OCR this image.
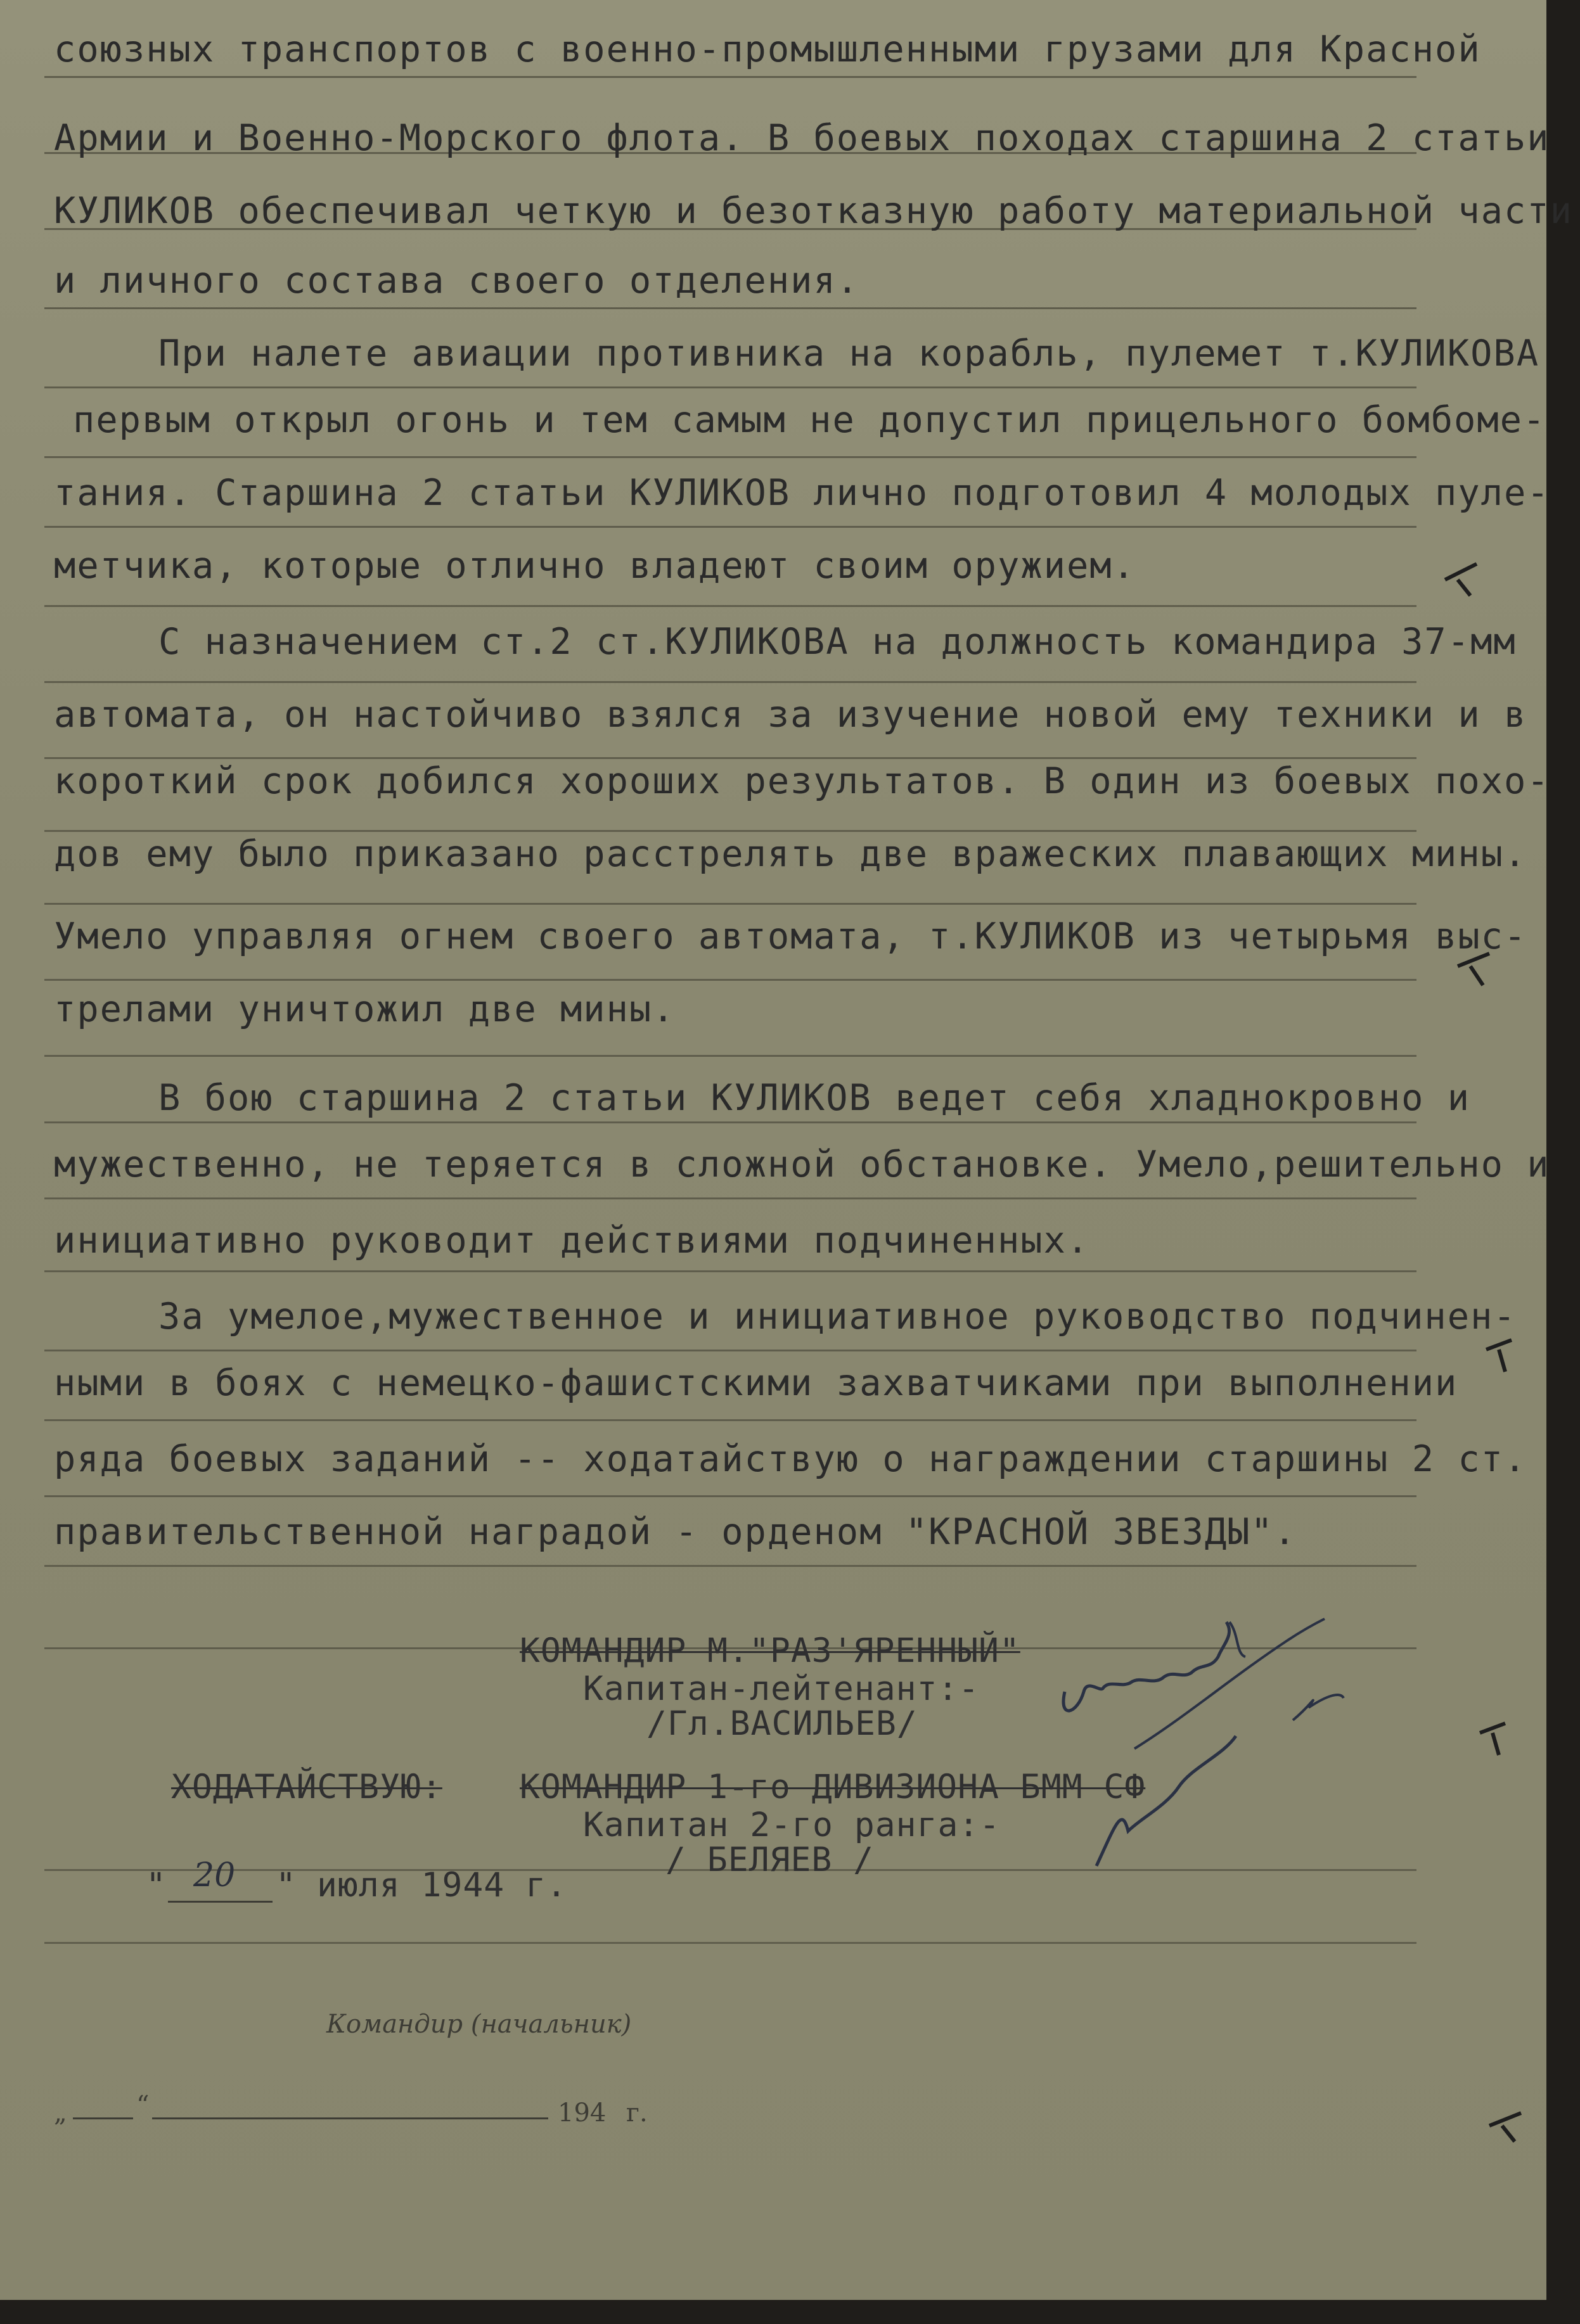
союзных транспортов с военно-промышленными грузами для Красной
Армии и Военно-Морского флота. В боевых походах старшина 2 статьи
КУЛИКОВ обеспечивал четкую и безотказную работу материальной части
и личного состава своего отделения.
При налете авиации противника на корабль, пулемет т.КУЛИКОВА
первым открыл огонь и тем самым не допустил прицельного бомбоме-
тания. Старшина 2 статьи КУЛИКОВ лично подготовил 4 молодых пуле-
метчика, которые отлично владеют своим оружием.
С назначением ст.2 ст.КУЛИКОВА на должность командира 37-мм
автомата, он настойчиво взялся за изучение новой ему техники и в
короткий срок добился хороших результатов. В один из боевых похо-
дов ему было приказано расстрелять две вражеских плавающих мины.
Умело управляя огнем своего автомата, т.КУЛИКОВ из четырьмя выс-
трелами уничтожил две мины.
В бою старшина 2 статьи КУЛИКОВ ведет себя хладнокровно и
мужественно, не теряется в сложной обстановке. Умело,решительно и
инициативно руководит действиями подчиненных.
За умелое,мужественное и инициативное руководство подчинен-
ными в боях с немецко-фашистскими захватчиками при выполнении
ряда боевых заданий -- ходатайствую о награждении старшины 2 ст.
правительственной наградой - орденом "КРАСНОЙ ЗВЕЗДЫ".
КОМАНДИР М."РАЗ'ЯРЕННЫЙ"
Капитан-лейтенант:-
/Гл.ВАСИЛЬЕВ/
ХОДАТАЙСТВУЮ: КОМАНДИР 1-го ДИВИЗИОНА БММ СФ
Капитан 2-го ранга:-
/ БЕЛЯЕВ /
" 20 " июля 1944 г.
Командир (начальник)
„	“	194 г.
